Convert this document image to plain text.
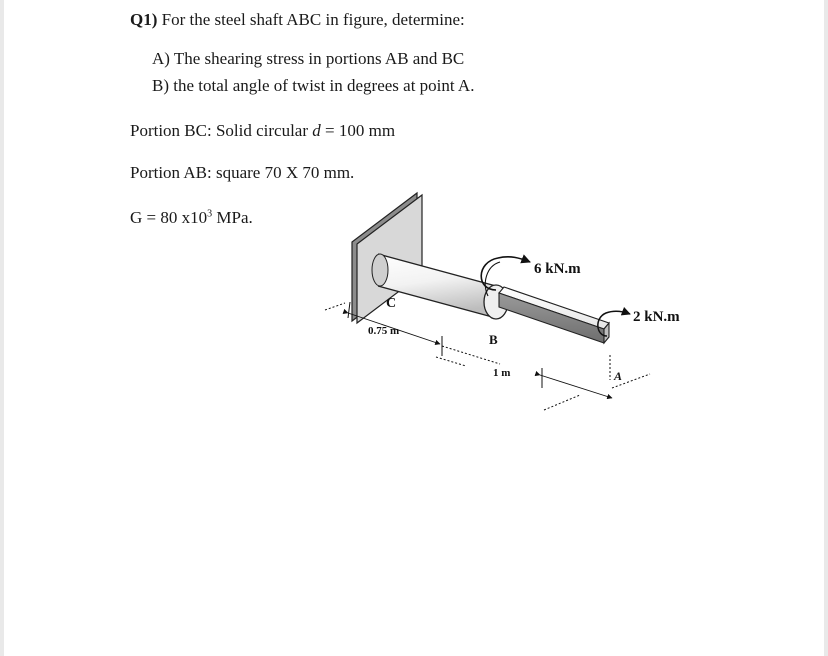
Q1) For the steel shaft ABC in figure, determine:
A) The shearing stress in portions AB and BC
B) the total angle of twist in degrees at point A.
Portion BC: Solid circular d = 100 mm
Portion AB: square 70 X 70 mm.
G = 80 $x10^3$ MPa.
C
B
A
6 kN.m
2 kN.m
0.75 m
1 m
